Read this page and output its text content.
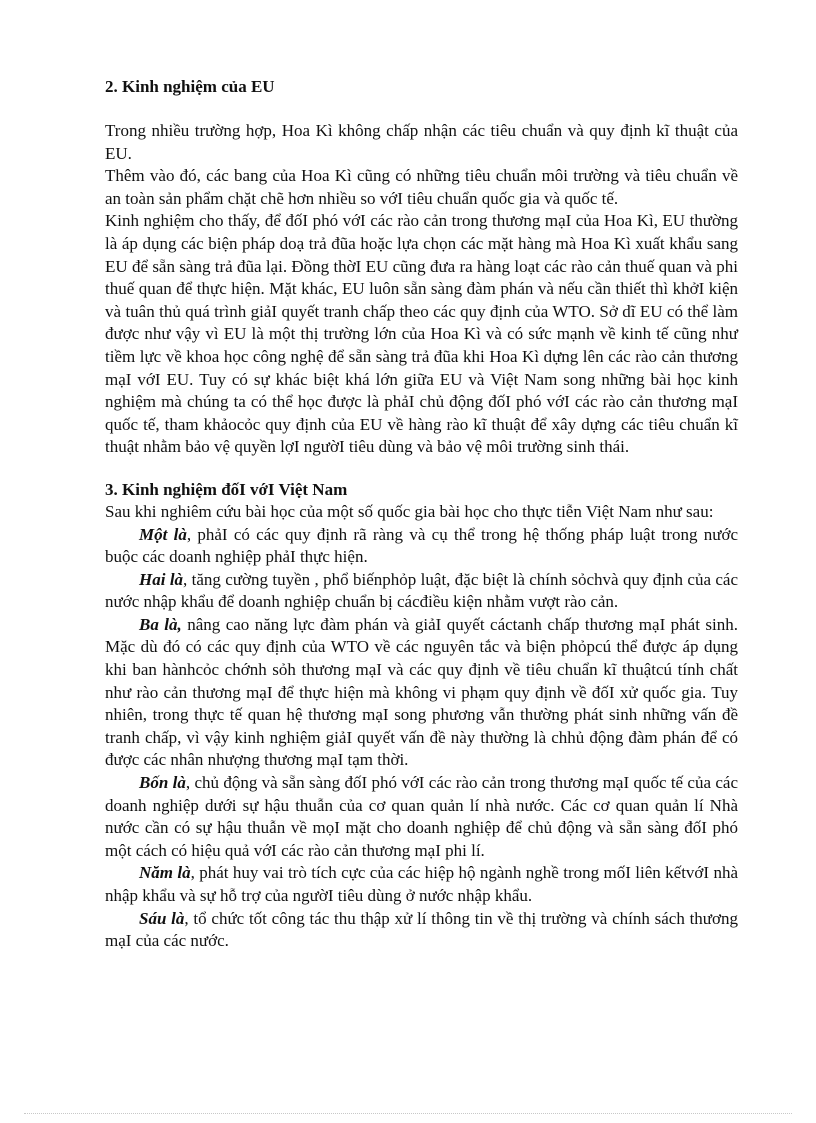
2. Kinh nghiệm của EU

Trong nhiều trường hợp, Hoa Kì không chấp nhận các tiêu chuẩn và quy định kĩ thuật của EU.

Thêm vào đó, các bang của Hoa Kì cũng có những tiêu chuẩn môi trường và tiêu chuẩn về an toàn sản phẩm chặt chẽ hơn nhiều so vớI tiêu chuẩn quốc gia và quốc tế.

Kinh nghiệm cho thấy, để đốI phó vớI các rào cản trong thương mạI của Hoa Kì, EU thường là áp dụng các biện pháp doạ trả đũa hoặc lựa chọn các mặt hàng mà Hoa Kì xuất khẩu sang EU để sẵn sàng trả đũa lại. Đồng thờI EU cũng đưa ra hàng loạt các rào cản thuế quan và phi thuế quan để thực hiện. Mặt khác, EU luôn sẵn sàng đàm phán và nếu cần thiết thì khởI kiện và tuân thủ quá trình giảI quyết tranh chấp theo các quy định của WTO. Sở dĩ EU có thể làm được như vậy vì EU là một thị trường lớn của Hoa Kì và có sức mạnh về kinh tế cũng như tiềm lực về khoa học công nghệ để sẵn sàng trả đũa khi Hoa Kì dựng lên các rào cản thương mạI vớI EU. Tuy có sự khác biệt khá lớn giữa EU và Việt Nam song những bài học kinh nghiệm mà chúng ta có thể học được là phảI chủ động đốI phó vớI các rào cản thương mạI quốc tế, tham khảocỏc quy định của EU về hàng rào kĩ thuật để xây dựng các tiêu chuẩn kĩ thuật nhằm bảo vệ quyền lợI ngườI tiêu dùng và bảo vệ môi trường sinh thái.

3. Kinh nghiệm đốI vớI Việt Nam

Sau khi nghiêm cứu bài học của một số quốc gia bài học cho thực tiễn Việt Nam như sau:

Một là, phảI có các quy định rã ràng và cụ thể trong hệ thống pháp luật trong nước buộc các doanh nghiệp phảI thực hiện.

Hai là, tăng cường tuyền , phổ biếnphỏp luật, đặc biệt là chính sỏchvà quy định của các nước nhập khẩu để doanh nghiệp chuẩn bị cácđiều kiện nhằm vượt rào cản.

Ba là, nâng cao năng lực đàm phán và giảI quyết cáctanh chấp thương mạI phát sinh. Mặc dù đó có các quy định của WTO về các nguyên tắc và biện phỏpcú thể được áp dụng khi ban hànhcỏc chớnh sỏh thương mạI và các quy định về tiêu chuẩn kĩ thuậtcú tính chất như rào cản thương mạI để thực hiện mà không vi phạm quy định về đốI xử quốc gia. Tuy nhiên, trong thực tế quan hệ thương mạI song phương vẫn thường phát sinh những vấn đề tranh chấp, vì vậy kinh nghiệm giảI quyết vấn đề này thường là chhủ động đàm phán để có được các nhân nhượng thương mạI tạm thời.

Bốn là, chủ động và sẵn sàng đốI phó vớI các rào cản trong thương mạI quốc tế của các doanh nghiệp dưới sự hậu thuẫn của cơ quan quản lí nhà nước. Các cơ quan quản lí Nhà nước cần có sự hậu thuẫn về mọI mặt cho doanh nghiệp để chủ động và sẵn sàng đốI phó một cách có hiệu quả vớI các rào cản thương mạI phi lí.

Năm là, phát huy vai trò tích cực của các hiệp hộ ngành nghề trong mốI liên kếtvớI nhà nhập khẩu và sự hỗ trợ của ngườI tiêu dùng ở nước nhập khẩu.

Sáu là, tổ chức tốt công tác thu thập xử lí thông tin về thị trường và chính sách thương mạI của các nước.
